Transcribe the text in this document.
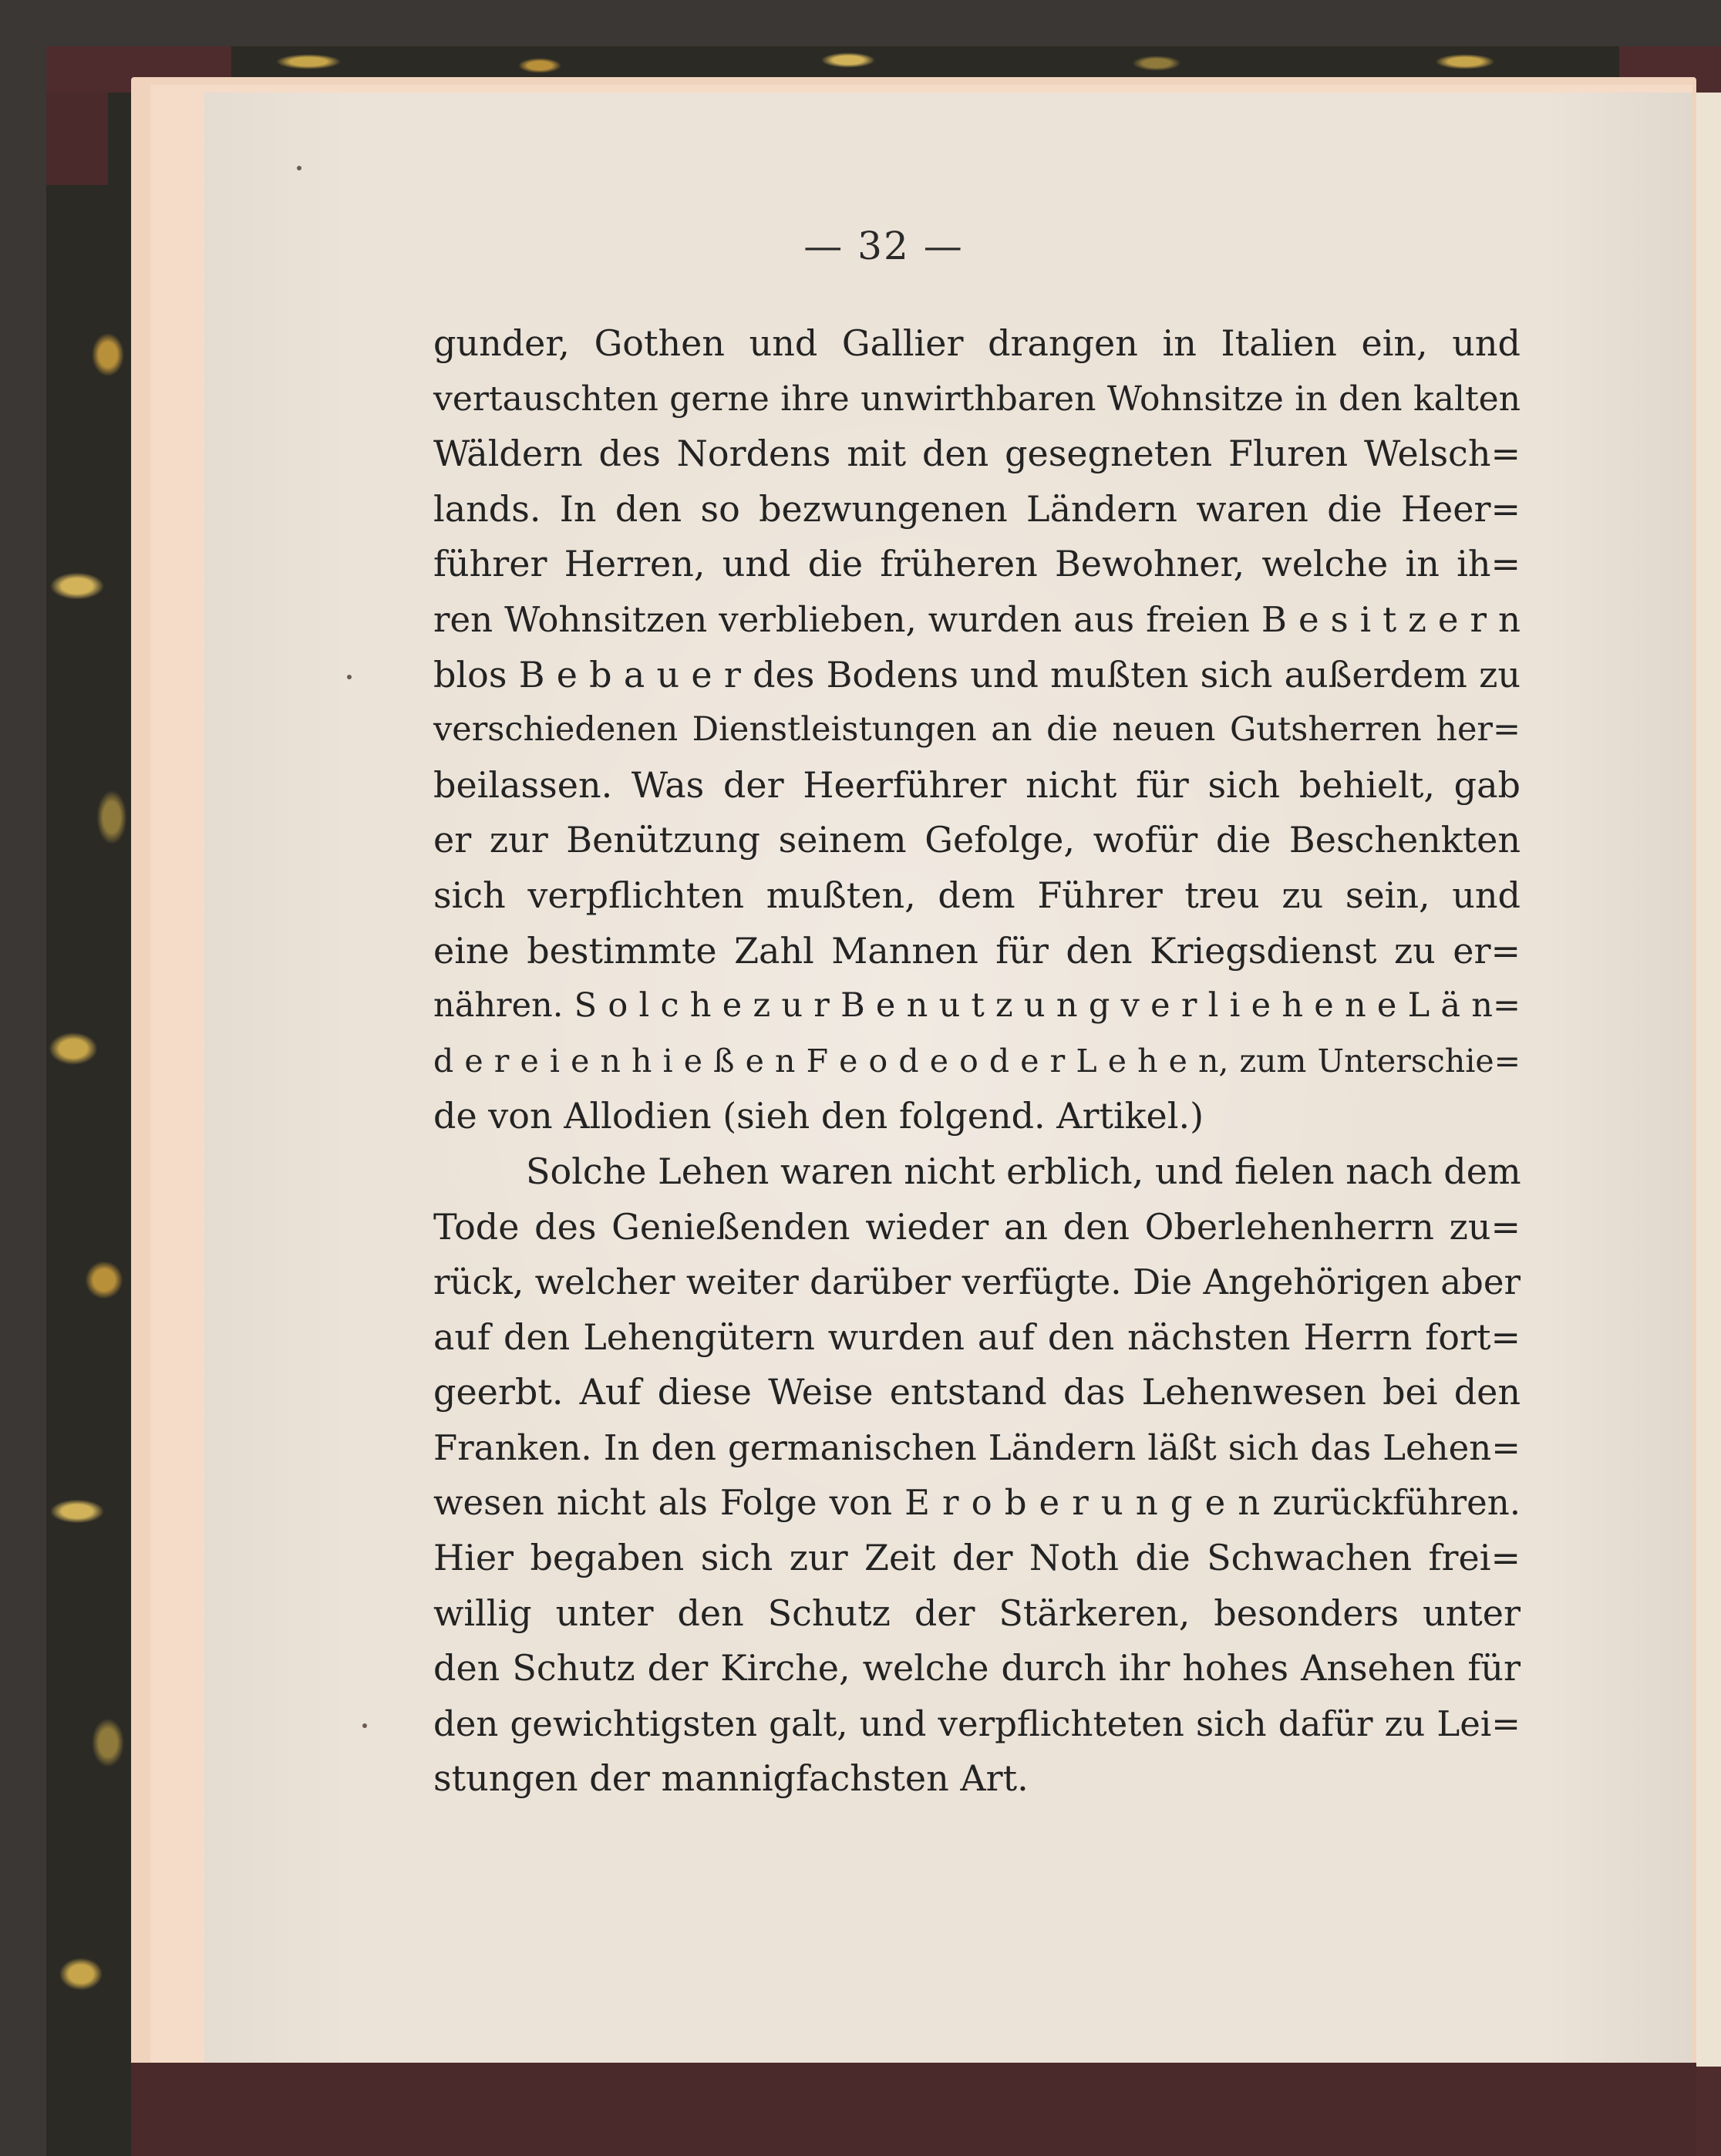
— 32 —
gunder, Gothen und Gallier drangen in Italien ein, und
vertauschten gerne ihre unwirthbaren Wohnsitze in den kalten
Wäldern des Nordens mit den gesegneten Fluren Welsch=
lands. In den so bezwungenen Ländern waren die Heer=
führer Herren, und die früheren Bewohner, welche in ih=
ren Wohnsitzen verblieben, wurden aus freien B e s i t z e r n
blos B e b a u e r des Bodens und mußten sich außerdem zu
verschiedenen Dienstleistungen an die neuen Gutsherren her=
beilassen. Was der Heerführer nicht für sich behielt, gab
er zur Benützung seinem Gefolge, wofür die Beschenkten
sich verpflichten mußten, dem Führer treu zu sein, und
eine bestimmte Zahl Mannen für den Kriegsdienst zu er=
nähren. S o l c h e z u r B e n u t z u n g v e r l i e h e n e L ä n=
d e r e i e n h i e ß e n F e o d e o d e r L e h e n, zum Unterschie=
de von Allodien (sieh den folgend. Artikel.)
Solche Lehen waren nicht erblich, und fielen nach dem
Tode des Genießenden wieder an den Oberlehenherrn zu=
rück, welcher weiter darüber verfügte. Die Angehörigen aber
auf den Lehengütern wurden auf den nächsten Herrn fort=
geerbt. Auf diese Weise entstand das Lehenwesen bei den
Franken. In den germanischen Ländern läßt sich das Lehen=
wesen nicht als Folge von E r o b e r u n g e n zurückführen.
Hier begaben sich zur Zeit der Noth die Schwachen frei=
willig unter den Schutz der Stärkeren, besonders unter
den Schutz der Kirche, welche durch ihr hohes Ansehen für
den gewichtigsten galt, und verpflichteten sich dafür zu Lei=
stungen der mannigfachsten Art.
